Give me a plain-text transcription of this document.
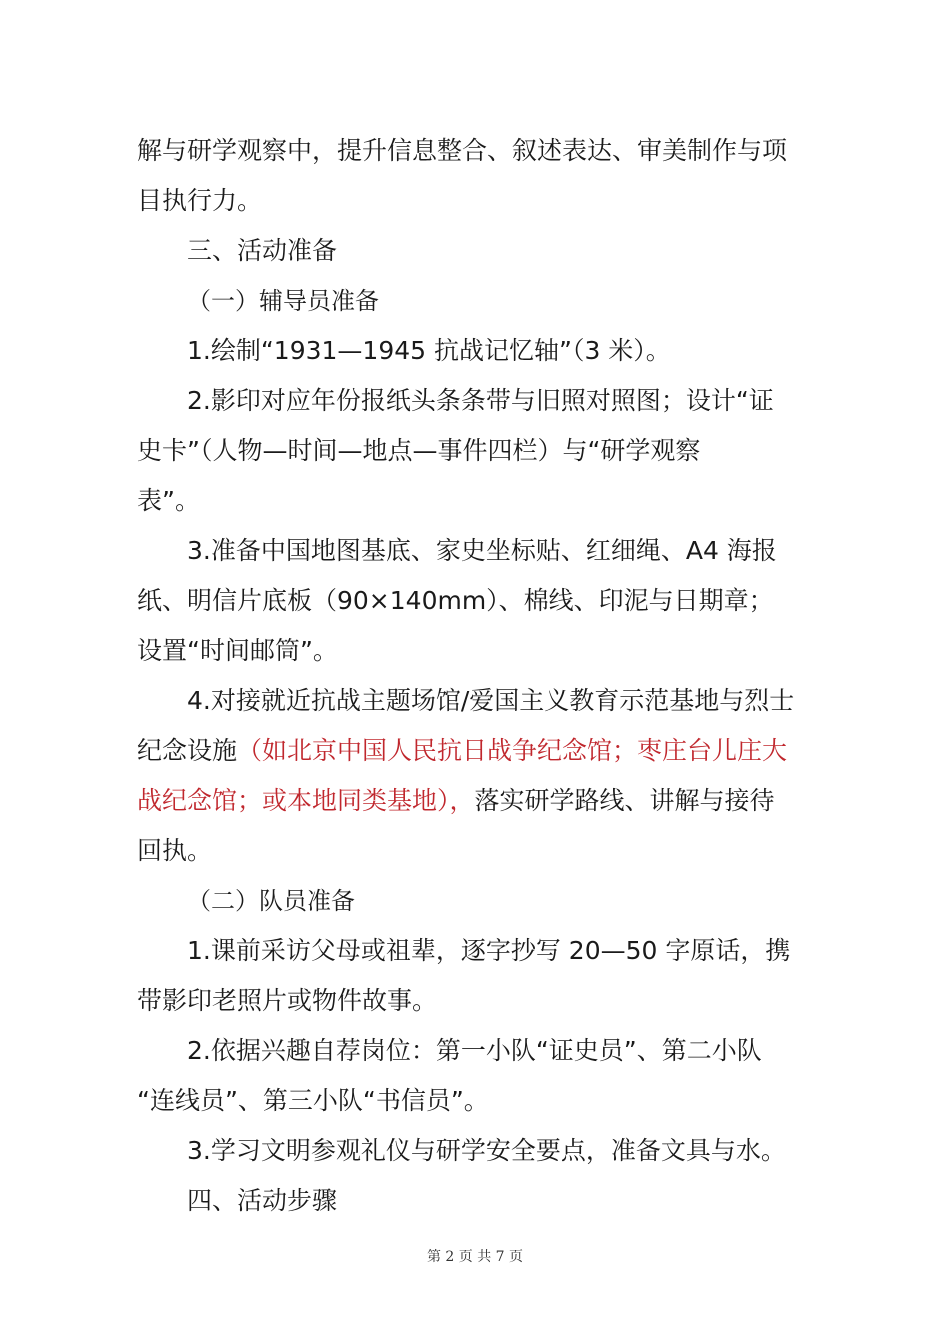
解与研学观察中，提升信息整合、叙述表达、审美制作与项
目执行力。
三、活动准备
（一）辅导员准备
1.绘制“1931—1945 抗战记忆轴”（3 米）。
2.影印对应年份报纸头条条带与旧照对照图；设计“证
史卡”（人物—时间—地点—事件四栏）与“研学观察
表”。
3.准备中国地图基底、家史坐标贴、红细绳、A4 海报
纸、明信片底板（90×140mm）、棉线、印泥与日期章；
设置“时间邮筒”。
4.对接就近抗战主题场馆/爱国主义教育示范基地与烈士
纪念设施（如北京中国人民抗日战争纪念馆；枣庄台儿庄大
战纪念馆；或本地同类基地），落实研学路线、讲解与接待
回执。
（二）队员准备
1.课前采访父母或祖辈，逐字抄写 20—50 字原话，携
带影印老照片或物件故事。
2.依据兴趣自荐岗位：第一小队“证史员”、第二小队
“连线员”、第三小队“书信员”。
3.学习文明参观礼仪与研学安全要点，准备文具与水。
四、活动步骤
第 2 页 共 7 页
